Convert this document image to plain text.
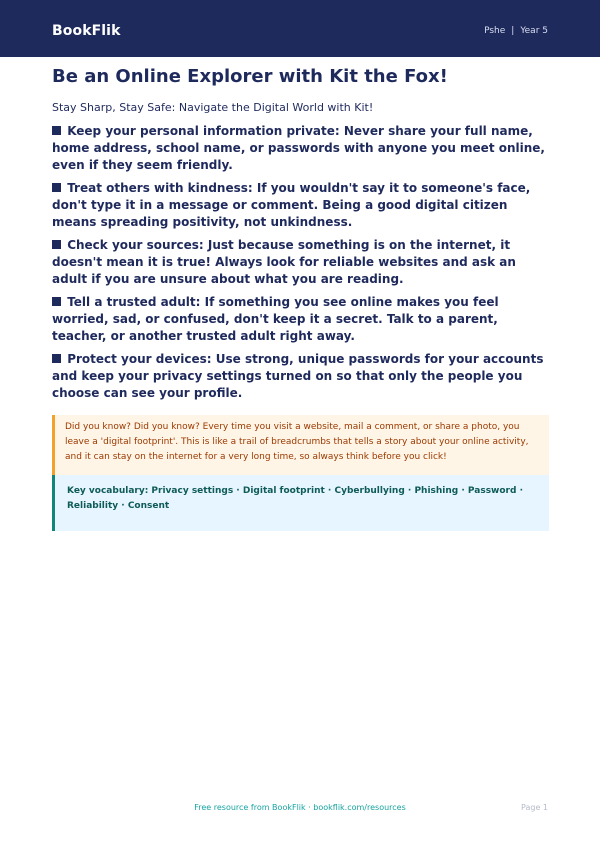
BookFlik	Pshe | Year 5
Be an Online Explorer with Kit the Fox!
Stay Sharp, Stay Safe: Navigate the Digital World with Kit!
Keep your personal information private: Never share your full name, home address, school name, or passwords with anyone you meet online, even if they seem friendly.
Treat others with kindness: If you wouldn't say it to someone's face, don't type it in a message or comment. Being a good digital citizen means spreading positivity, not unkindness.
Check your sources: Just because something is on the internet, it doesn't mean it is true! Always look for reliable websites and ask an adult if you are unsure about what you are reading.
Tell a trusted adult: If something you see online makes you feel worried, sad, or confused, don't keep it a secret. Talk to a parent, teacher, or another trusted adult right away.
Protect your devices: Use strong, unique passwords for your accounts and keep your privacy settings turned on so that only the people you choose can see your profile.
Did you know? Did you know? Every time you visit a website, mail a comment, or share a photo, you leave a 'digital footprint'. This is like a trail of breadcrumbs that tells a story about your online activity, and it can stay on the internet for a very long time, so always think before you click!
Key vocabulary: Privacy settings · Digital footprint · Cyberbullying · Phishing · Password · Reliability · Consent
Free resource from BookFlik · bookflik.com/resources	Page 1
